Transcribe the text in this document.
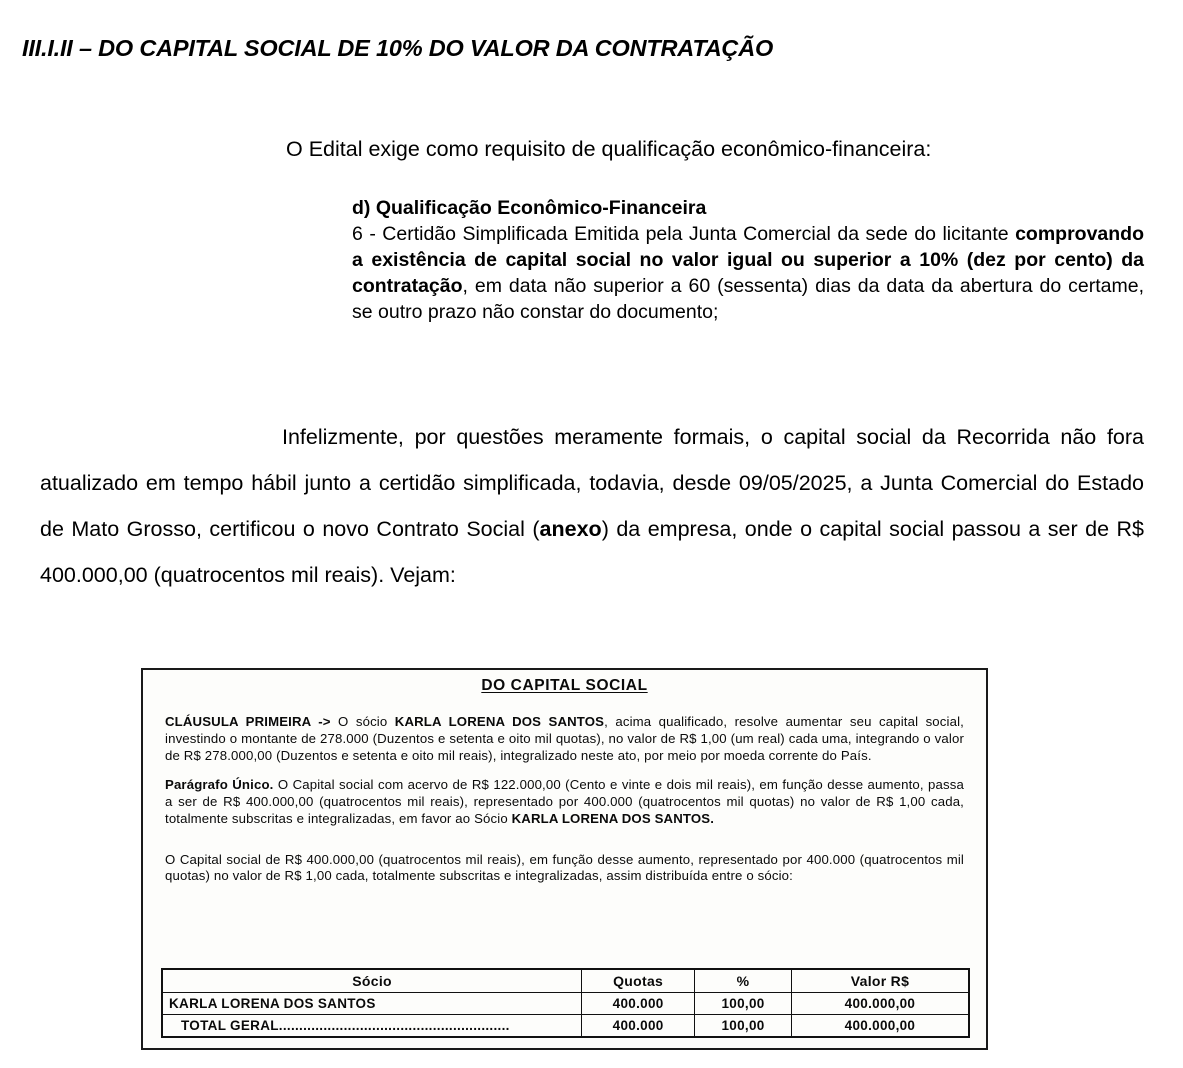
III.I.II – DO CAPITAL SOCIAL DE 10% DO VALOR DA CONTRATAÇÃO

O Edital exige como requisito de qualificação econômico-financeira:

d) Qualificação Econômico-Financeira
6 - Certidão Simplificada Emitida pela Junta Comercial da sede do licitante comprovando a existência de capital social no valor igual ou superior a 10% (dez por cento) da contratação, em data não superior a 60 (sessenta) dias da data da abertura do certame, se outro prazo não constar do documento;

Infelizmente, por questões meramente formais, o capital social da Recorrida não fora atualizado em tempo hábil junto a certidão simplificada, todavia, desde 09/05/2025, a Junta Comercial do Estado de Mato Grosso, certificou o novo Contrato Social (anexo) da empresa, onde o capital social passou a ser de R$ 400.000,00 (quatrocentos mil reais). Vejam:

DO CAPITAL SOCIAL

CLÁUSULA PRIMEIRA -> O sócio KARLA LORENA DOS SANTOS, acima qualificado, resolve aumentar seu capital social, investindo o montante de 278.000 (Duzentos e setenta e oito mil quotas), no valor de R$ 1,00 (um real) cada uma, integrando o valor de R$ 278.000,00 (Duzentos e setenta e oito mil reais), integralizado neste ato, por meio por moeda corrente do País.

Parágrafo Único. O Capital social com acervo de R$ 122.000,00 (Cento e vinte e dois mil reais), em função desse aumento, passa a ser de R$ 400.000,00 (quatrocentos mil reais), representado por 400.000 (quatrocentos mil quotas) no valor de R$ 1,00 cada, totalmente subscritas e integralizadas, em favor ao Sócio KARLA LORENA DOS SANTOS.

O Capital social de R$ 400.000,00 (quatrocentos mil reais), em função desse aumento, representado por 400.000 (quatrocentos mil quotas) no valor de R$ 1,00 cada, totalmente subscritas e integralizadas, assim distribuída entre o sócio:

Sócio	Quotas	%	Valor R$
KARLA LORENA DOS SANTOS	400.000	100,00	400.000,00
TOTAL GERAL.........................................................	400.000	100,00	400.000,00
